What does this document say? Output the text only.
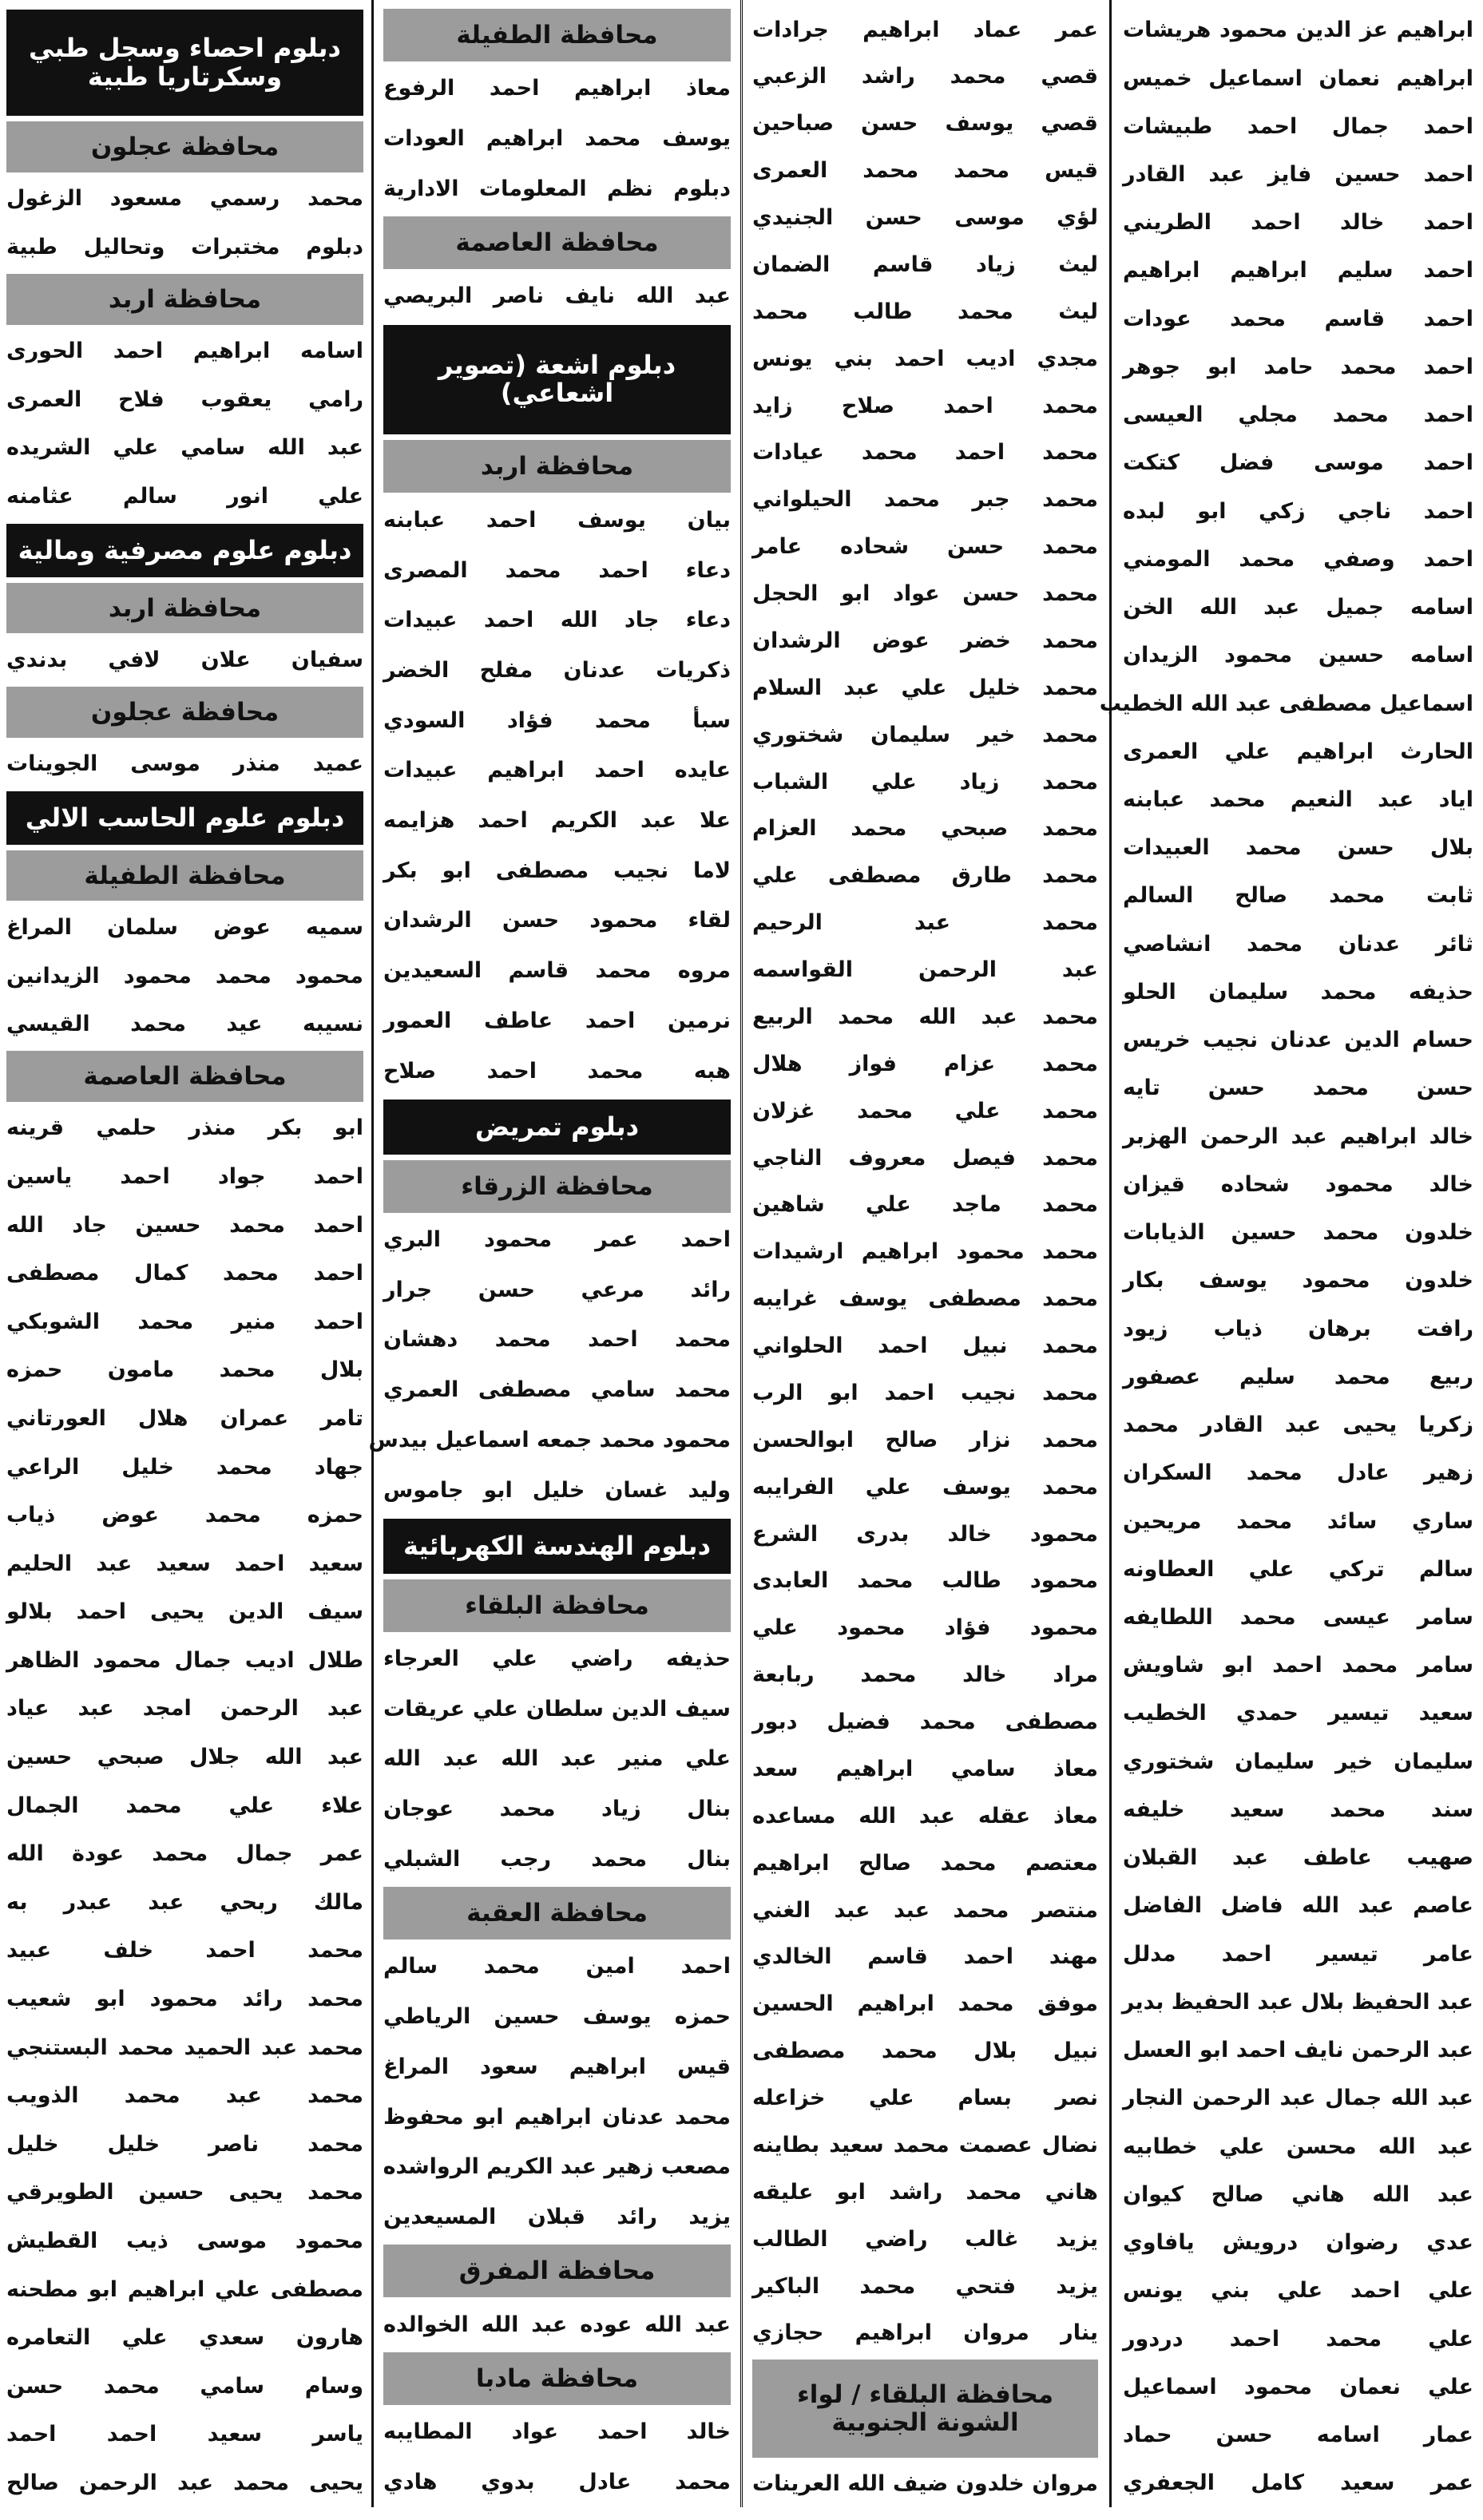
ابراهيم عز الدين محمود هريشات
ابراهيم نعمان اسماعيل خميس
احمد جمال احمد طبيشات
احمد حسين فايز عبد القادر
احمد خالد احمد الطريني
احمد سليم ابراهيم ابراهيم
احمد قاسم محمد عودات
احمد محمد حامد ابو جوهر
احمد محمد مجلي العيسى
احمد موسى فضل كتكت
احمد ناجي زكي ابو لبده
احمد وصفي محمد المومني
اسامه جميل عبد الله الخن
اسامه حسين محمود الزيدان
اسماعيل مصطفى عبد الله الخطيب
الحارث ابراهيم علي العمرى
اياد عبد النعيم محمد عبابنه
بلال حسن محمد العبيدات
ثابت محمد صالح السالم
ثائر عدنان محمد انشاصي
حذيفه محمد سليمان الحلو
حسام الدين عدنان نجيب خريس
حسن محمد حسن تايه
خالد ابراهيم عبد الرحمن الهزبر
خالد محمود شحاده قيزان
خلدون محمد حسين الذيابات
خلدون محمود يوسف بكار
رافت برهان ذياب زيود
ربيع محمد سليم عصفور
زكريا يحيى عبد القادر محمد
زهير عادل محمد السكران
ساري سائد محمد مريحين
سالم تركي علي العطاونه
سامر عيسى محمد اللطايفه
سامر محمد احمد ابو شاويش
سعيد تيسير حمدي الخطيب
سليمان خير سليمان شختوري
سند محمد سعيد خليفه
صهيب عاطف عبد القبلان
عاصم عبد الله فاضل الفاضل
عامر تيسير احمد مدلل
عبد الحفيظ بلال عبد الحفيظ بدير
عبد الرحمن نايف احمد ابو العسل
عبد الله جمال عبد الرحمن النجار
عبد الله محسن علي خطابيه
عبد الله هاني صالح كيوان
عدي رضوان درويش يافاوي
علي احمد علي بني يونس
علي محمد احمد دردور
علي نعمان محمود اسماعيل
عمار اسامه حسن حماد
عمر سعيد كامل الجعفري
عمر عماد ابراهيم جرادات
قصي محمد راشد الزعبي
قصي يوسف حسن صباحين
قيس محمد محمد العمرى
لؤي موسى حسن الجنيدي
ليث زياد قاسم الضمان
ليث محمد طالب محمد
مجدي اديب احمد بني يونس
محمد احمد صلاح زايد
محمد احمد محمد عيادات
محمد جبر محمد الحيلواني
محمد حسن شحاده عامر
محمد حسن عواد ابو الحجل
محمد خضر عوض الرشدان
محمد خليل علي عبد السلام
محمد خير سليمان شختوري
محمد زياد علي الشباب
محمد صبحي محمد العزام
محمد طارق مصطفى علي
محمد عبد الرحيم
عبد الرحمن القواسمه
محمد عبد الله محمد الربيع
محمد عزام فواز هلال
محمد علي محمد غزلان
محمد فيصل معروف الناجي
محمد ماجد علي شاهين
محمد محمود ابراهيم ارشيدات
محمد مصطفى يوسف غرايبه
محمد نبيل احمد الحلواني
محمد نجيب احمد ابو الرب
محمد نزار صالح ابوالحسن
محمد يوسف علي الفرايبه
محمود خالد بدرى الشرع
محمود طالب محمد العابدى
محمود فؤاد محمود علي
مراد خالد محمد ربابعة
مصطفى محمد فضيل دبور
معاذ سامي ابراهيم سعد
معاذ عقله عبد الله مساعده
معتصم محمد صالح ابراهيم
منتصر محمد عبد عبد الغني
مهند احمد قاسم الخالدي
موفق محمد ابراهيم الحسين
نبيل بلال محمد مصطفى
نصر بسام علي خزاعله
نضال عصمت محمد سعيد بطاينه
هاني محمد راشد ابو عليقه
يزيد غالب راضي الطالب
يزيد فتحي محمد الباكير
ينار مروان ابراهيم حجازي
محافظة البلقاء / لواء الشونة الجنوبية
مروان خلدون ضيف الله العرينات
محافظة الطفيلة
معاذ ابراهيم احمد الرفوع
يوسف محمد ابراهيم العودات
دبلوم نظم المعلومات الادارية
محافظة العاصمة
عبد الله نايف ناصر البريصي
دبلوم اشعة (تصوير اشعاعي)
محافظة اربد
بيان يوسف احمد عبابنه
دعاء احمد محمد المصرى
دعاء جاد الله احمد عبيدات
ذكريات عدنان مفلح الخضر
سبأ محمد فؤاد السودي
عايده احمد ابراهيم عبيدات
علا عبد الكريم احمد هزايمه
لاما نجيب مصطفى ابو بكر
لقاء محمود حسن الرشدان
مروه محمد قاسم السعيدين
نرمين احمد عاطف العمور
هبه محمد احمد صلاح
دبلوم تمريض
محافظة الزرقاء
احمد عمر محمود البري
رائد مرعي حسن جرار
محمد احمد محمد دهشان
محمد سامي مصطفى العمري
محمود محمد جمعه اسماعيل بيدس
وليد غسان خليل ابو جاموس
دبلوم الهندسة الكهربائية
محافظة البلقاء
حذيفه راضي علي العرجاء
سيف الدين سلطان علي عريقات
علي منير عبد الله عبد الله
بنال زياد محمد عوجان
بنال محمد رجب الشبلي
محافظة العقبة
احمد امين محمد سالم
حمزه يوسف حسين الرياطي
قيس ابراهيم سعود المراغ
محمد عدنان ابراهيم ابو محفوظ
مصعب زهير عبد الكريم الرواشده
يزيد رائد قبلان المسيعدين
محافظة المفرق
عبد الله عوده عبد الله الخوالده
محافظة مادبا
خالد احمد عواد المطايبه
محمد عادل بدوي هادي
دبلوم احصاء وسجل طبي وسكرتاريا طبية
محافظة عجلون
محمد رسمي مسعود الزغول
دبلوم مختبرات وتحاليل طبية
محافظة اربد
اسامه ابراهيم احمد الحورى
رامي يعقوب فلاح العمرى
عبد الله سامي علي الشريده
علي انور سالم عثامنه
دبلوم علوم مصرفية ومالية
محافظة اربد
سفيان علان لافي بدندي
محافظة عجلون
عميد منذر موسى الجوينات
دبلوم علوم الحاسب الالي
محافظة الطفيلة
سميه عوض سلمان المراغ
محمود محمد محمود الزيدانين
نسيبه عيد محمد القيسي
محافظة العاصمة
ابو بكر منذر حلمي قرينه
احمد جواد احمد ياسين
احمد محمد حسين جاد الله
احمد محمد كمال مصطفى
احمد منير محمد الشوبكي
بلال محمد مامون حمزه
تامر عمران هلال العورتاني
جهاد محمد خليل الراعي
حمزه محمد عوض ذياب
سعيد احمد سعيد عبد الحليم
سيف الدين يحيى احمد بلالو
طلال اديب جمال محمود الظاهر
عبد الرحمن امجد عبد عياد
عبد الله جلال صبحي حسين
علاء علي محمد الجمال
عمر جمال محمد عودة الله
مالك ربحي عبد عبدر به
محمد احمد خلف عبيد
محمد رائد محمود ابو شعيب
محمد عبد الحميد محمد البستنجي
محمد عبد محمد الذويب
محمد ناصر خليل خليل
محمد يحيى حسين الطويرقي
محمود موسى ذيب القطيش
مصطفى علي ابراهيم ابو مطحنه
هارون سعدي علي التعامره
وسام سامي محمد حسن
ياسر سعيد احمد احمد
يحيى محمد عبد الرحمن صالح
